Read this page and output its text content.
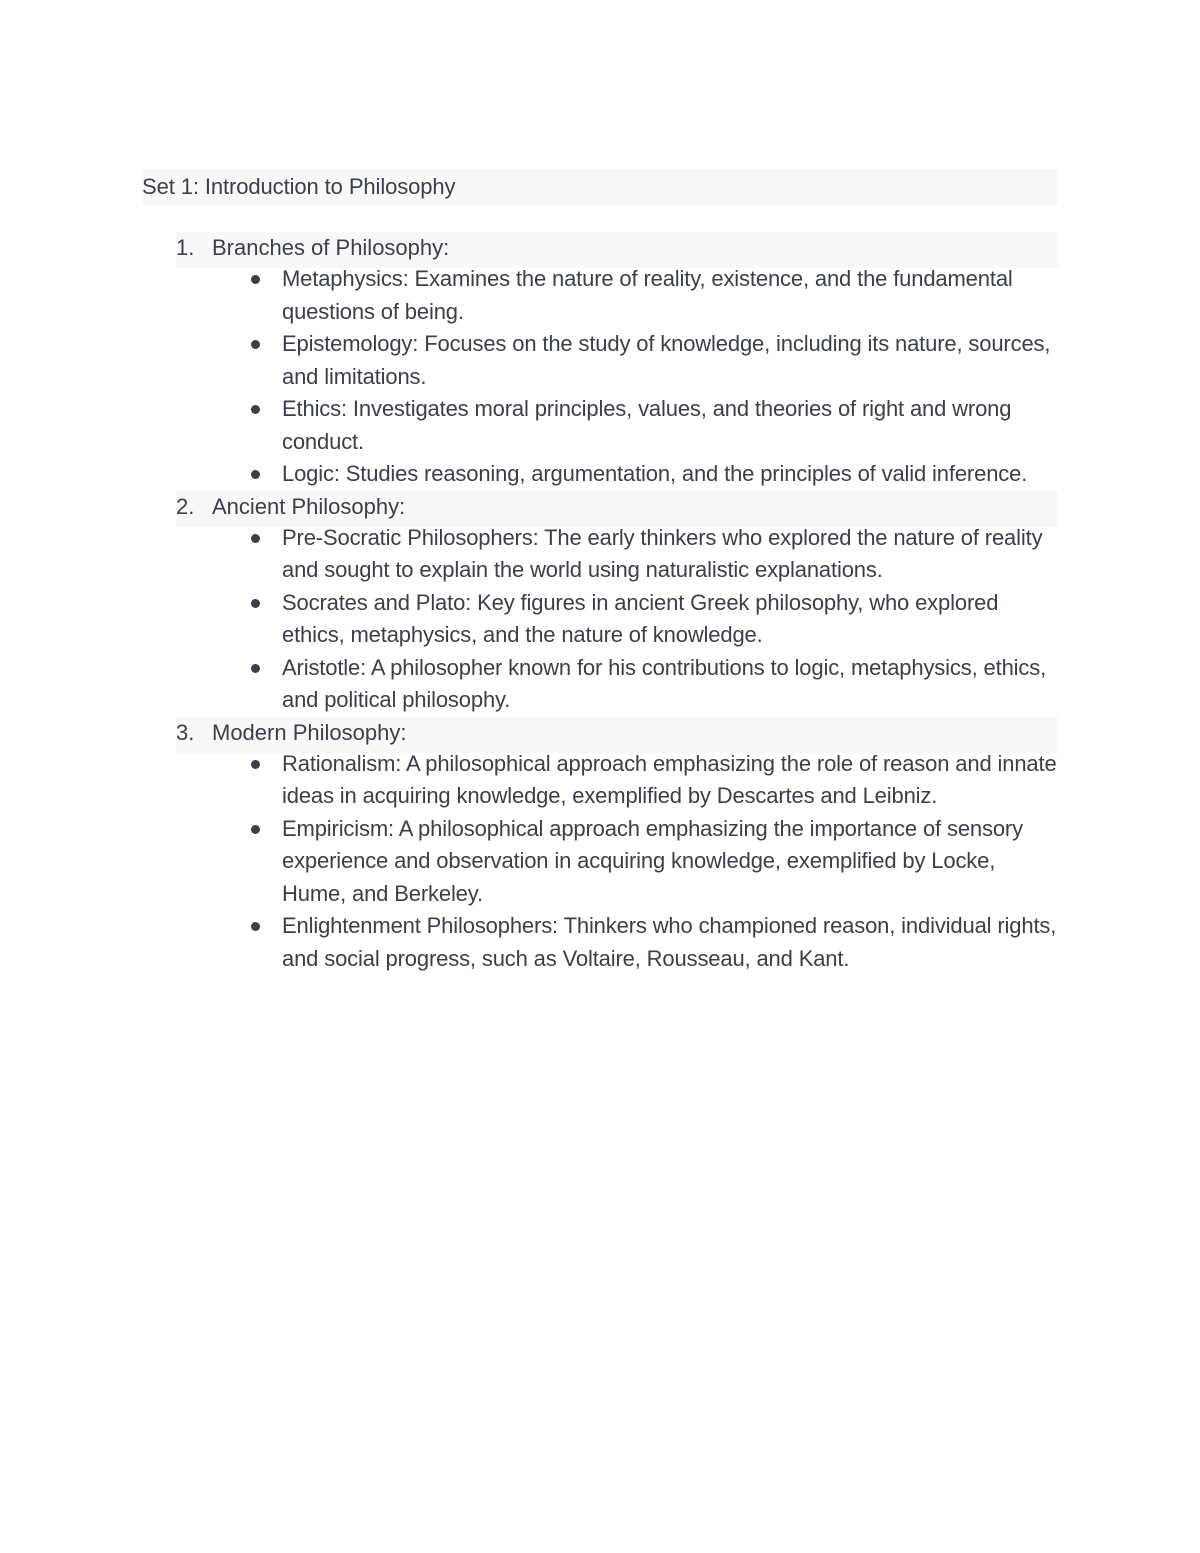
Set 1: Introduction to Philosophy
1. Branches of Philosophy:
Metaphysics: Examines the nature of reality, existence, and the fundamental questions of being.
Epistemology: Focuses on the study of knowledge, including its nature, sources, and limitations.
Ethics: Investigates moral principles, values, and theories of right and wrong conduct.
Logic: Studies reasoning, argumentation, and the principles of valid inference.
2. Ancient Philosophy:
Pre-Socratic Philosophers: The early thinkers who explored the nature of reality and sought to explain the world using naturalistic explanations.
Socrates and Plato: Key figures in ancient Greek philosophy, who explored ethics, metaphysics, and the nature of knowledge.
Aristotle: A philosopher known for his contributions to logic, metaphysics, ethics, and political philosophy.
3. Modern Philosophy:
Rationalism: A philosophical approach emphasizing the role of reason and innate ideas in acquiring knowledge, exemplified by Descartes and Leibniz.
Empiricism: A philosophical approach emphasizing the importance of sensory experience and observation in acquiring knowledge, exemplified by Locke, Hume, and Berkeley.
Enlightenment Philosophers: Thinkers who championed reason, individual rights, and social progress, such as Voltaire, Rousseau, and Kant.
